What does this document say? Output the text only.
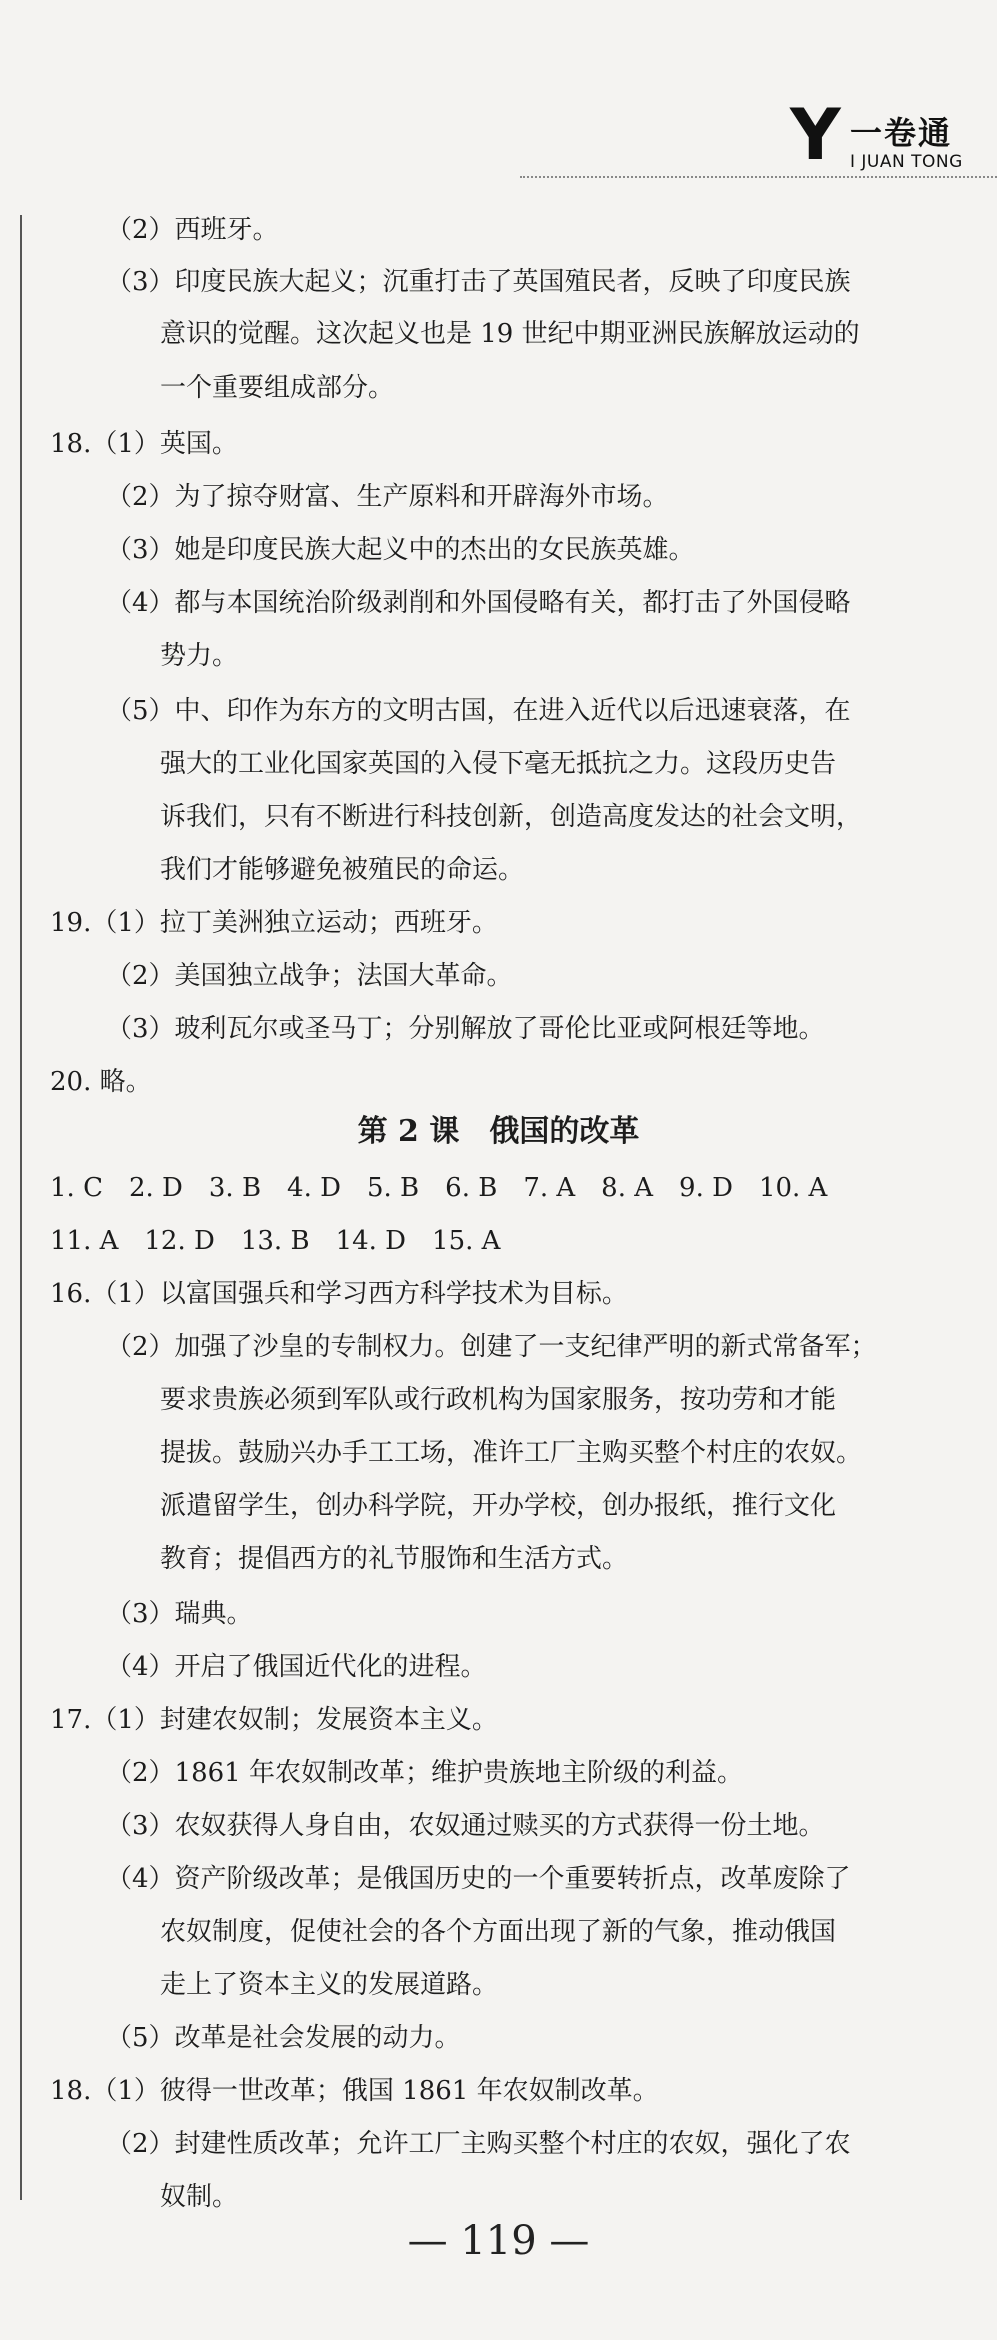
Y 一卷通
I JUAN TONG
（2）西班牙。
（3）印度民族大起义；沉重打击了英国殖民者，反映了印度民族
意识的觉醒。这次起义也是 19 世纪中期亚洲民族解放运动的
一个重要组成部分。
18.（1）英国。
（2）为了掠夺财富、生产原料和开辟海外市场。
（3）她是印度民族大起义中的杰出的女民族英雄。
（4）都与本国统治阶级剥削和外国侵略有关，都打击了外国侵略
势力。
（5）中、印作为东方的文明古国，在进入近代以后迅速衰落，在
强大的工业化国家英国的入侵下毫无抵抗之力。这段历史告
诉我们，只有不断进行科技创新，创造高度发达的社会文明，
我们才能够避免被殖民的命运。
19.（1）拉丁美洲独立运动；西班牙。
（2）美国独立战争；法国大革命。
（3）玻利瓦尔或圣马丁；分别解放了哥伦比亚或阿根廷等地。
20. 略。
第 2 课　俄国的改革
1. C　2. D　3. B　4. D　5. B　6. B　7. A　8. A　9. D　10. A
11. A　12. D　13. B　14. D　15. A
16.（1）以富国强兵和学习西方科学技术为目标。
（2）加强了沙皇的专制权力。创建了一支纪律严明的新式常备军；
要求贵族必须到军队或行政机构为国家服务，按功劳和才能
提拔。鼓励兴办手工工场，准许工厂主购买整个村庄的农奴。
派遣留学生，创办科学院，开办学校，创办报纸，推行文化
教育；提倡西方的礼节服饰和生活方式。
（3）瑞典。
（4）开启了俄国近代化的进程。
17.（1）封建农奴制；发展资本主义。
（2）1861 年农奴制改革；维护贵族地主阶级的利益。
（3）农奴获得人身自由，农奴通过赎买的方式获得一份土地。
（4）资产阶级改革；是俄国历史的一个重要转折点，改革废除了
农奴制度，促使社会的各个方面出现了新的气象，推动俄国
走上了资本主义的发展道路。
（5）改革是社会发展的动力。
18.（1）彼得一世改革；俄国 1861 年农奴制改革。
（2）封建性质改革；允许工厂主购买整个村庄的农奴，强化了农
奴制。
— 119 —
